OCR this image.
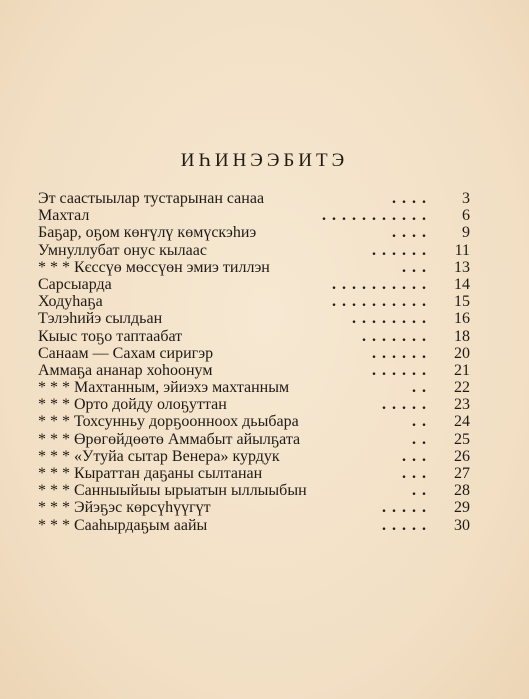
ИҺИНЭЭБИТЭ
Эт саастыылар тустарынан санаа	....	3
Махтал	...........	6
Баҕар, оҕом көҥүлү көмүскэһиэ	....	9
Умнуллубат онус кылаас	......	11
* * * Кєссүө мөссүөн эмиэ тиллэн	...	13
Сарсыарда	..........	14
Ходуһаҕа	..........	15
Тэлэһийэ сылдьан	........	16
Кыыс тоҕо таптаабат	.......	18
Санаам — Сахам сиригэр	......	20
Аммаҕа ананар хоһоонум	......	21
* * * Махтанным, эйиэхэ махтанным	..	22
* * * Орто дойду олоҕуттан	.....	23
* * * Тохсунньу дорҕоонноох дьыбара	..	24
* * * Өрөгөйдөөтө Аммабыт айылҕата	..	25
* * * «Утуйа сытар Венера» курдук	...	26
* * * Кыраттан даҕаны сылтанан	...	27
* * * Санныыйыы ырыатын ыллыыбын	..	28
* * * Эйэҕэс көрсүһүүгүт	.....	29
* * * Сааһырдаҕым аайы	.....	30
